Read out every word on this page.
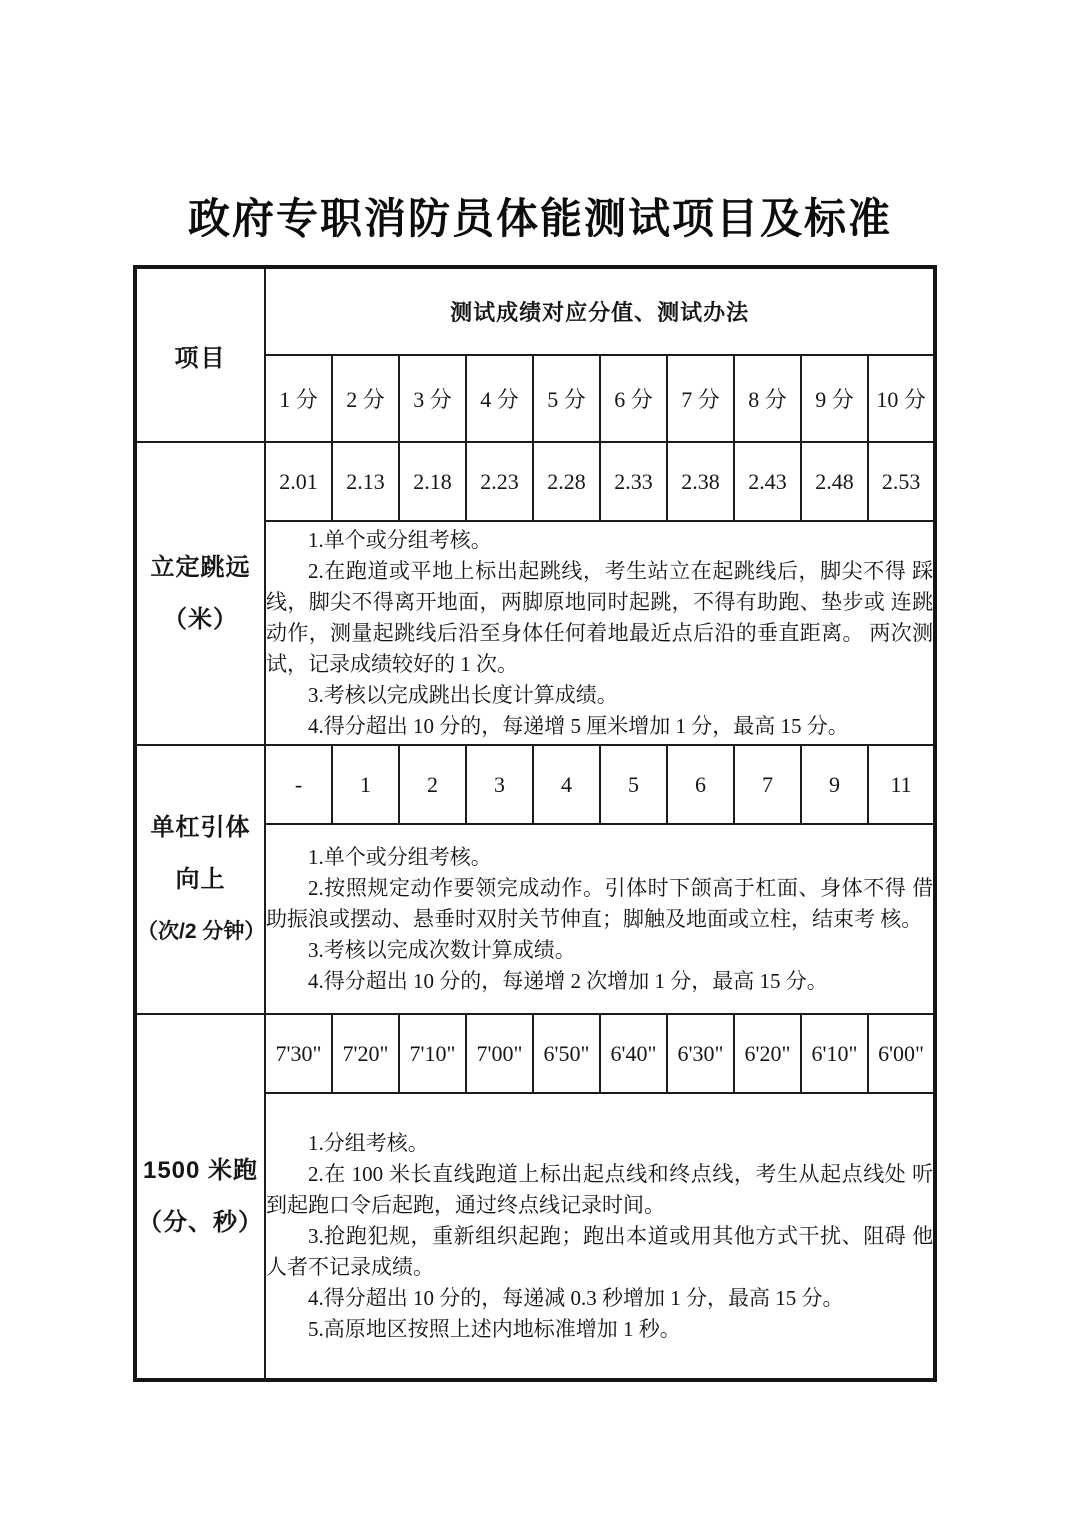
政府专职消防员体能测试项目及标准
项目	测试成绩对应分值、测试办法									
	1 分	2 分	3 分	4 分	5 分	6 分	7 分	8 分	9 分	10 分

立定跳远
（米）	2.01	2.13	2.18	2.23	2.28	2.33	2.38	2.43	2.48	2.53

	1.单个或分组考核。

2.在跑道或平地上标出起跳线，考生站立在起跳线后，脚尖不得 踩线，脚尖不得离开地面，两脚原地同时起跳，不得有助跑、垫步或 连跳动作，测量起跳线后沿至身体任何着地最近点后沿的垂直距离。 两次测试，记录成绩较好的 1 次。

3.考核以完成跳出长度计算成绩。

4.得分超出 10 分的，每递增 5 厘米增加 1 分，最高 15 分。									

单杠引体
向上
（次/2 分钟）	-	1	2	3	4	5	6	7	9	11

	1.单个或分组考核。

2.按照规定动作要领完成动作。引体时下颌高于杠面、身体不得 借助振浪或摆动、悬垂时双肘关节伸直；脚触及地面或立柱，结束考 核。

3.考核以完成次数计算成绩。

4.得分超出 10 分的，每递增 2 次增加 1 分，最高 15 分。									

1500 米跑
（分、秒）	7'30"	7'20"	7'10"	7'00"	6'50"	6'40"	6'30"	6'20"	6'10"	6'00"

	1.分组考核。

2.在 100 米长直线跑道上标出起点线和终点线，考生从起点线处 听到起跑口令后起跑，通过终点线记录时间。

3.抢跑犯规，重新组织起跑；跑出本道或用其他方式干扰、阻碍 他人者不记录成绩。

4.得分超出 10 分的，每递减 0.3 秒增加 1 分，最高 15 分。

5.高原地区按照上述内地标准增加 1 秒。									
